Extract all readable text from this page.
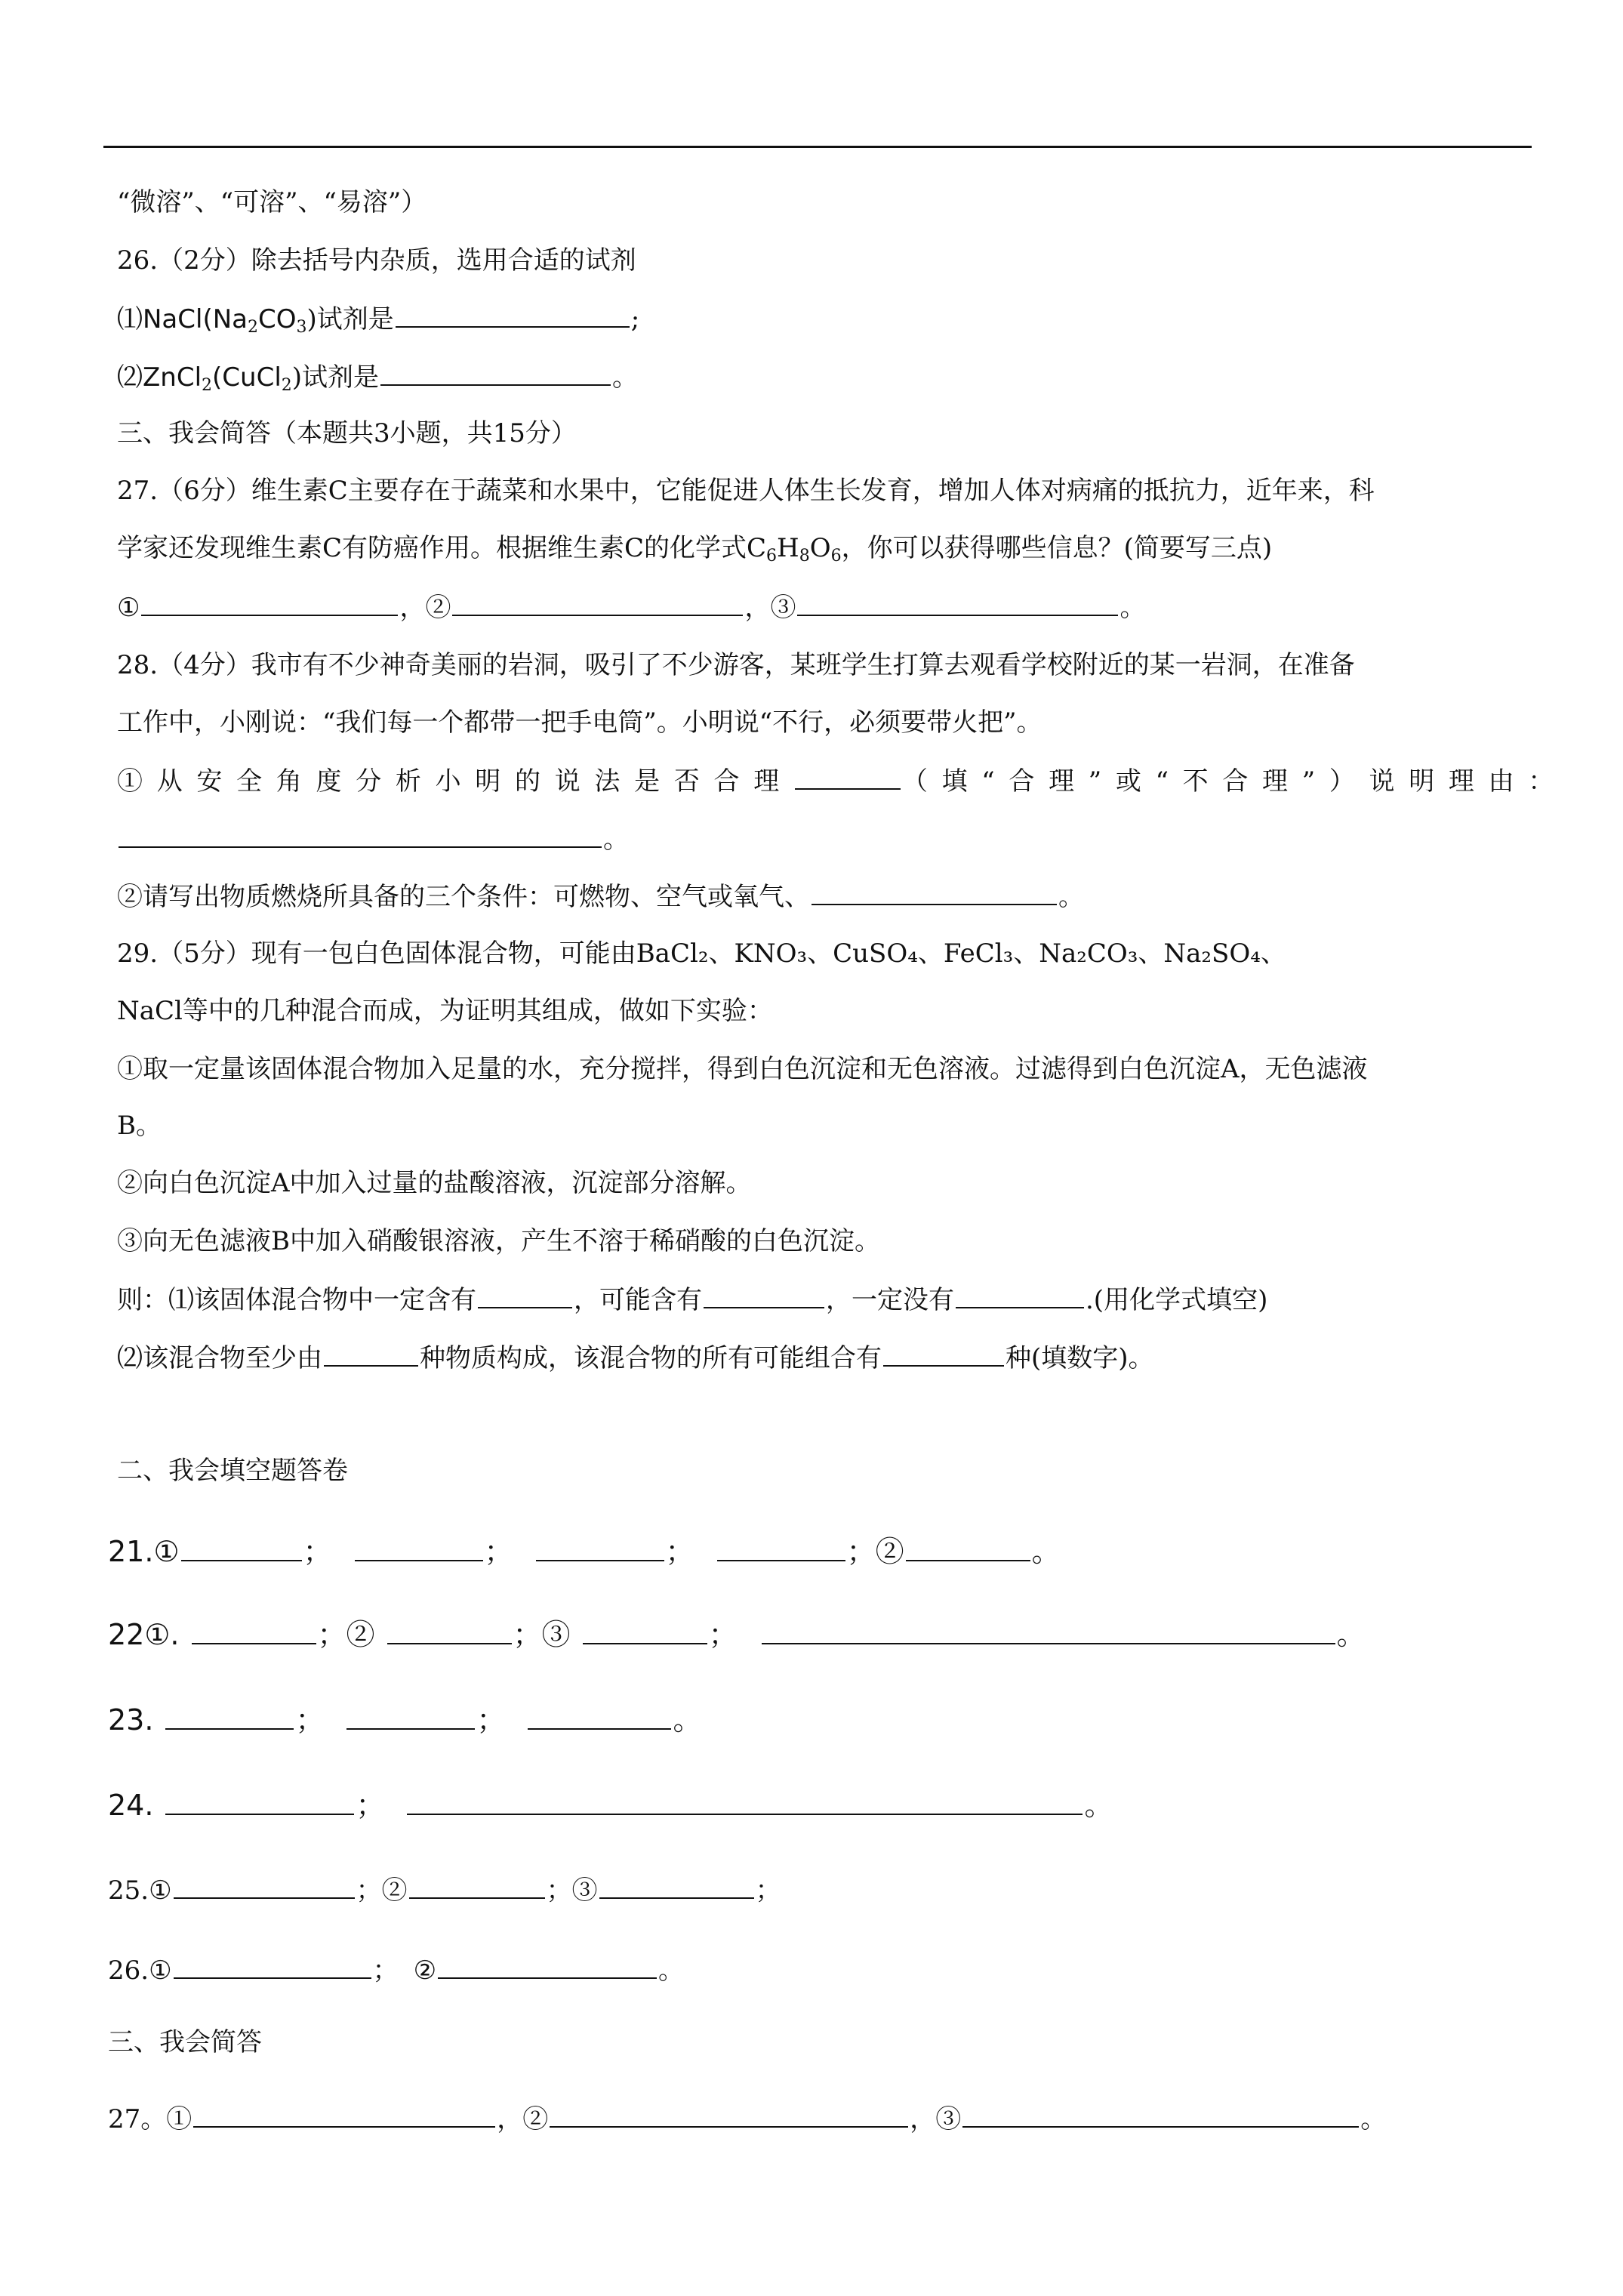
“微溶”、“可溶”、“易溶”）
26.（2分）除去括号内杂质，选用合适的试剂
$⑴NaCl(Na_2CO_3)$试剂是	;
⑵ZnCl$_2$(CuCl$_2$)试剂是	。
三、我会简答（本题共3小题，共15分）
27.（6分）维生素C主要存在于蔬菜和水果中，它能促进人体生长发育，增加人体对病痛的抵抗力，近年来，科
学家还发现维生素C有防癌作用。根据维生素C的化学式$C_6H_8O_6$，你可以获得哪些信息？(简要写三点)
①	，②	，③	。
28.（4分）我市有不少神奇美丽的岩洞，吸引了不少游客，某班学生打算去观看学校附近的某一岩洞，在准备
工作中，小刚说：“我们每一个都带一把手电筒”。小明说“不行，必须要带火把”。
①从安全角度分析小明的说法是否合理	（填“合理”或“不合理”）说明理由：
。
②请写出物质燃烧所具备的三个条件：可燃物、空气或氧气、	。
29.（5分）现有一包白色固体混合物，可能由BaCl₂、KNO₃、CuSO₄、FeCl₃、Na₂CO₃、Na₂SO₄、
NaCl等中的几种混合而成，为证明其组成，做如下实验：
①取一定量该固体混合物加入足量的水，充分搅拌，得到白色沉淀和无色溶液。过滤得到白色沉淀A，无色滤液
B。
②向白色沉淀A中加入过量的盐酸溶液，沉淀部分溶解。
③向无色滤液B中加入硝酸银溶液，产生不溶于稀硝酸的白色沉淀。
则：⑴该固体混合物中一定含有	，可能含有	，一定没有	.(用化学式填空)
⑵该混合物至少由	种物质构成，该混合物的所有可能组合有	种(填数字)。
二、我会填空题答卷
21.①	；	；	；	；②	。
22①.	；②	；③	；	。
23.	；	；	。
24.	；	。
25.①	；②	；③	；
26.①	； ②	。
三、我会简答
27。①	，②	，③	。
